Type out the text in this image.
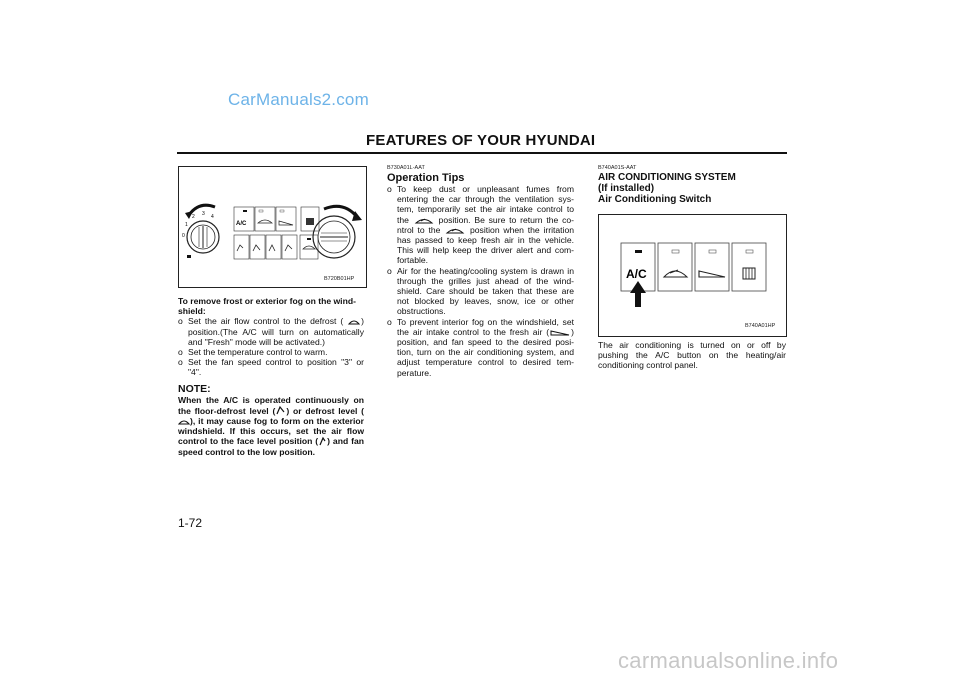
CarManuals2.com
FEATURES OF YOUR HYUNDAI
0
1
2 3 4
A/C
B720B01HP
To remove frost or exterior fog on the wind-shield:
o Set the air flow control to the defrost ( ) position.(The A/C will turn on automatically and "Fresh" mode will be activated.)
o Set the temperature control to warm.
o Set the fan speed control to position "3" or "4".
NOTE:
When the A/C is operated continuously on the floor-defrost level ( ) or defrost level (), it may cause fog to form on the exterior windshield. If this occurs, set the air flow control to the face level position ( ) and fan speed control to the low position.
B730A01L-AAT
Operation Tips
o To keep dust or unpleasant fumes from entering the car through the ventilation sys-tem, temporarily set the air intake control to the	position. Be sure to return the co-ntrol to the	position when the irritation has passed to keep fresh air in the vehicle. This will help keep the driver alert and com-fortable.
o Air for the heating/cooling system is drawn in through the grilles just ahead of the wind-shield. Care should be taken that these are not blocked by leaves, snow, ice or other obstructions.
o To prevent interior fog on the windshield, set the air intake control to the fresh air (	) position, and fan speed to the desired posi-tion, turn on the air conditioning system, and adjust temperature control to desired tem-perature.
B740A01S-AAT
AIR CONDITIONING SYSTEM
(If installed)
Air Conditioning Switch
A/C
B740A01HP
The air conditioning is turned on or off by pushing the A/C button on the heating/air conditioning control panel.
1-72
carmanualsonline.info
